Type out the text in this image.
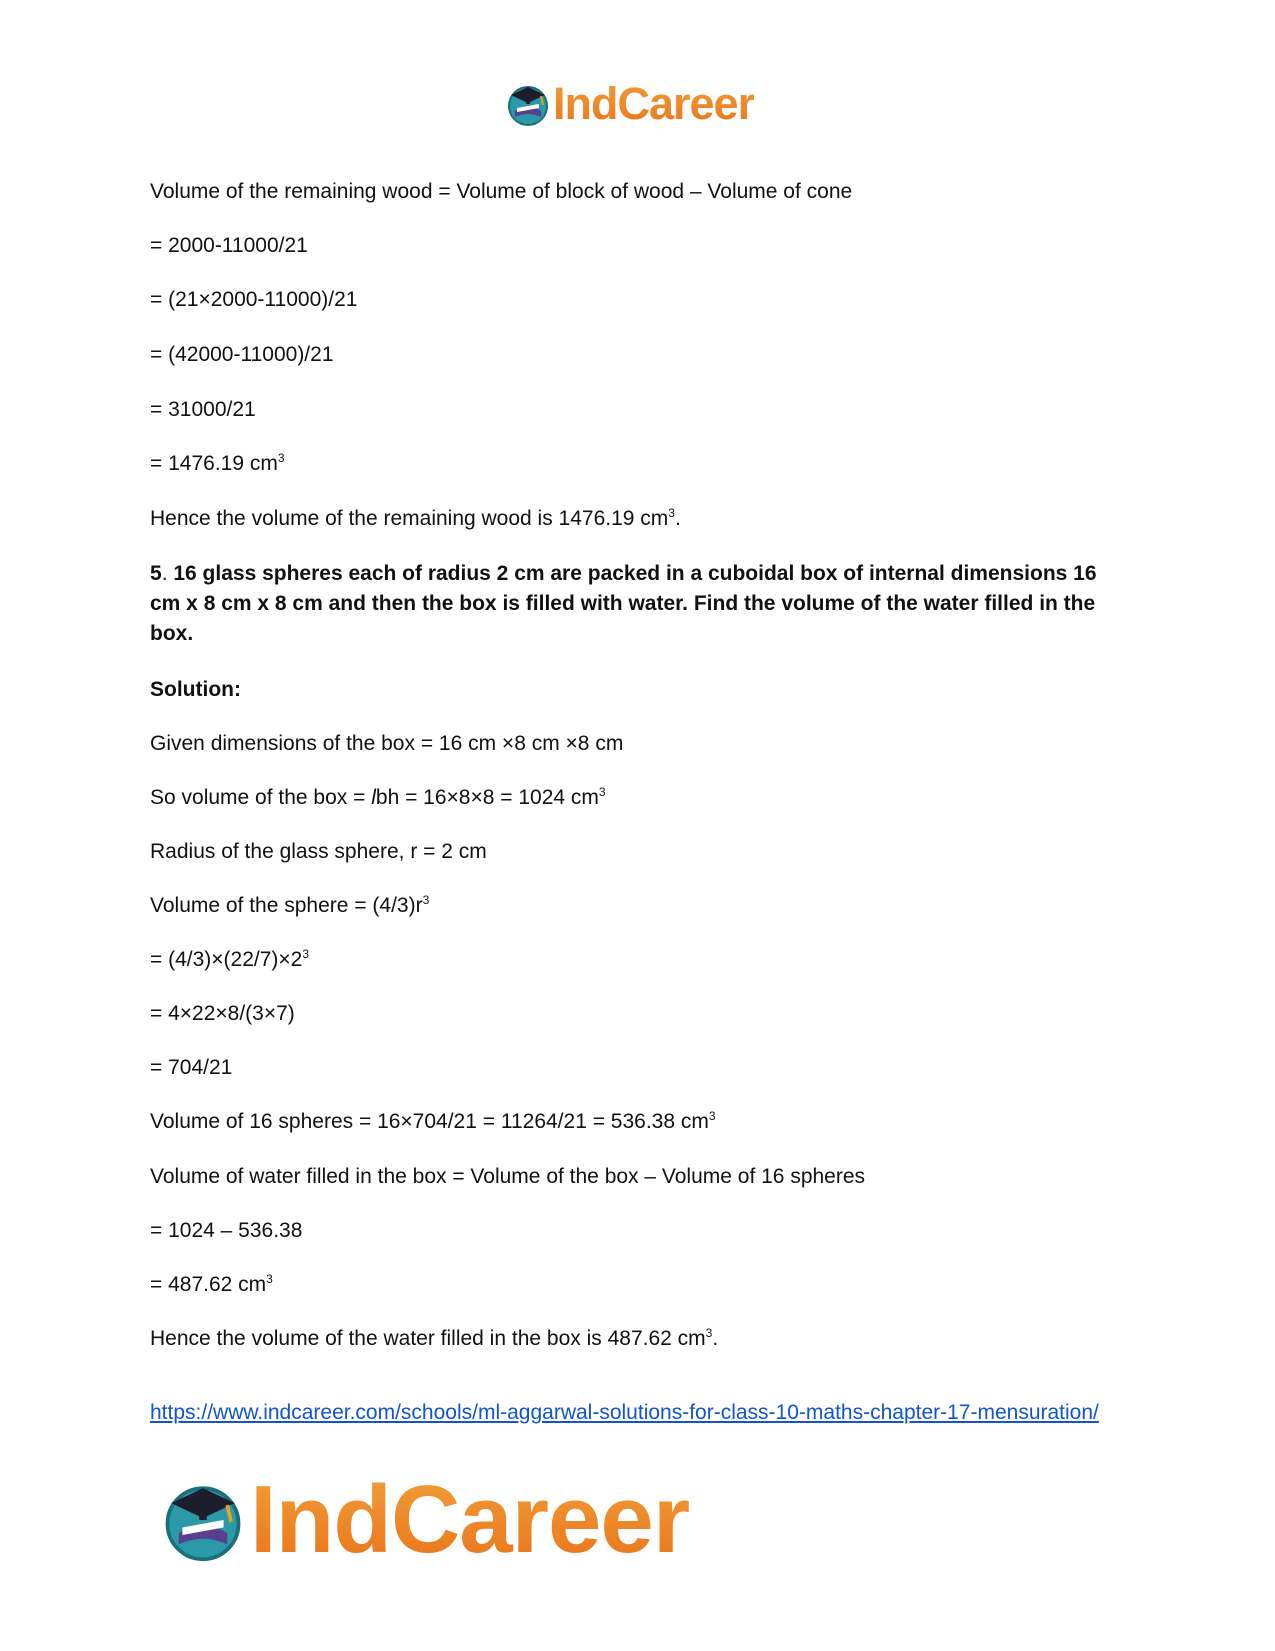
IndCareer
Volume of the remaining wood = Volume of block of wood – Volume of cone
= 2000-11000/21
= (21×2000-11000)/21
= (42000-11000)/21
= 31000/21
= 1476.19 $cm^3$
Hence the volume of the remaining wood is 1476.19 $cm^3$.
5. 16 glass spheres each of radius 2 cm are packed in a cuboidal box of internal dimensions 16 cm x 8 cm x 8 cm and then the box is filled with water. Find the volume of the water filled in the box.
Solution:
Given dimensions of the box = 16 cm ×8 cm ×8 cm
So volume of the box = lbh = 16×8×8 = 1024 $cm^3$
Radius of the glass sphere, r = 2 cm
Volume of the sphere = $(4/3)r^3$
= $(4/3)\times(22/7)\times 2^3$
= 4×22×8/(3×7)
= 704/21
Volume of 16 spheres = 16×704/21 = 11264/21 = 536.38 $cm^3$
Volume of water filled in the box = Volume of the box – Volume of 16 spheres
= 1024 – 536.38
= 487.62 $cm^3$
Hence the volume of the water filled in the box is 487.62 $cm^3$.
https://www.indcareer.com/schools/ml-aggarwal-solutions-for-class-10-maths-chapter-17-mensuration/
IndCareer
